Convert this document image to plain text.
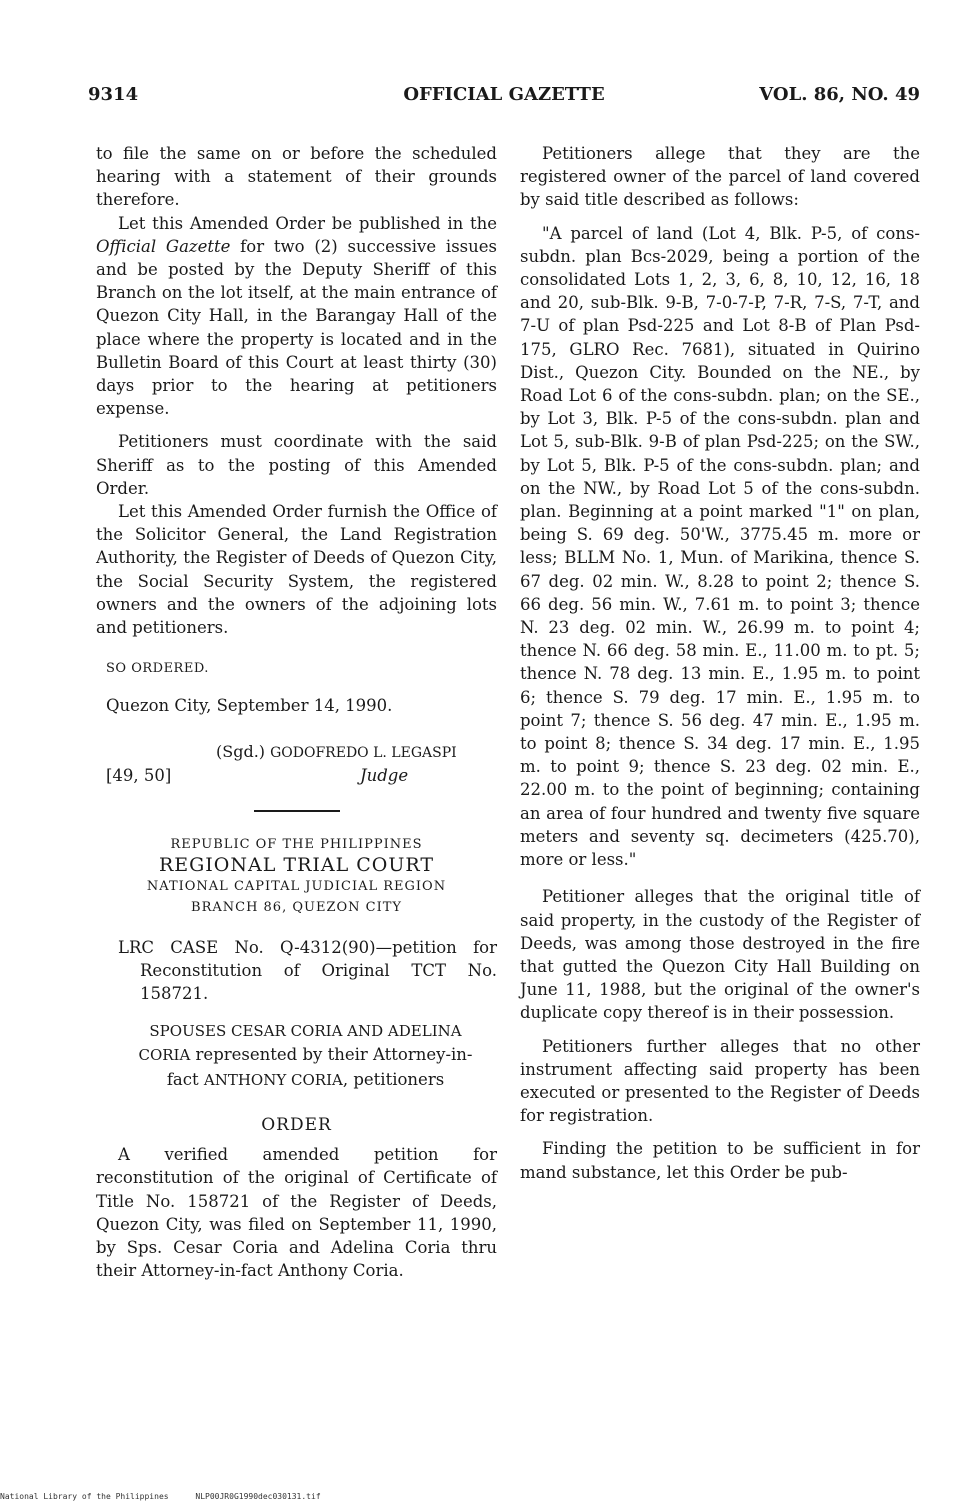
9314	OFFICIAL GAZETTE	VOL. 86, NO. 49

to file the same on or before the scheduled hearing with a statement of their grounds therefore.

Let this Amended Order be published in the Official Gazette for two (2) successive issues and be posted by the Deputy Sheriff of this Branch on the lot itself, at the main entrance of Quezon City Hall, in the Barangay Hall of the place where the property is located and in the Bulletin Board of this Court at least thirty (30) days prior to the hearing at petitioners expense.

Petitioners must coordinate with the said Sheriff as to the posting of this Amended Order.

Let this Amended Order furnish the Office of the Solicitor General, the Land Registration Authority, the Register of Deeds of Quezon City, the Social Security System, the registered owners and the owners of the adjoining lots and petitioners.

SO ORDERED.

Quezon City, September 14, 1990.

(Sgd.) GODOFREDO L. LEGASPI
[49, 50]	Judge
REPUBLIC OF THE PHILIPPINES
REGIONAL TRIAL COURT
NATIONAL CAPITAL JUDICIAL REGION
BRANCH 86, QUEZON CITY

LRC CASE No. Q-4312(90)—petition for Reconstitution of Original TCT No. 158721.

SPOUSES CESAR CORIA AND ADELINA CORIA represented by their Attorney-in-fact ANTHONY CORIA, petitioners

ORDER

A verified amended petition for reconstitution of the original of Certificate of Title No. 158721 of the Register of Deeds, Quezon City, was filed on September 11, 1990, by Sps. Cesar Coria and Adelina Coria thru their Attorney-in-fact Anthony Coria.

Petitioners allege that they are the registered owner of the parcel of land covered by said title described as follows:

"A parcel of land (Lot 4, Blk. P-5, of cons-subdn. plan Bcs-2029, being a portion of the consolidated Lots 1, 2, 3, 6, 8, 10, 12, 16, 18 and 20, sub-Blk. 9-B, 7-0-7-P, 7-R, 7-S, 7-T, and 7-U of plan Psd-225 and Lot 8-B of Plan Psd-175, GLRO Rec. 7681), situated in Quirino Dist., Quezon City. Bounded on the NE., by Road Lot 6 of the cons-subdn. plan; on the SE., by Lot 3, Blk. P-5 of the cons-subdn. plan and Lot 5, sub-Blk. 9-B of plan Psd-225; on the SW., by Lot 5, Blk. P-5 of the cons-subdn. plan; and on the NW., by Road Lot 5 of the cons-subdn. plan. Beginning at a point marked "1" on plan, being S. 69 deg. 50'W., 3775.45 m. more or less; BLLM No. 1, Mun. of Marikina, thence S. 67 deg. 02 min. W., 8.28 to point 2; thence S. 66 deg. 56 min. W., 7.61 m. to point 3; thence N. 23 deg. 02 min. W., 26.99 m. to point 4; thence N. 66 deg. 58 min. E., 11.00 m. to pt. 5; thence N. 78 deg. 13 min. E., 1.95 m. to point 6; thence S. 79 deg. 17 min. E., 1.95 m. to point 7; thence S. 56 deg. 47 min. E., 1.95 m. to point 8; thence S. 34 deg. 17 min. E., 1.95 m. to point 9; thence S. 23 deg. 02 min. E., 22.00 m. to the point of beginning; containing an area of four hundred and twenty five square meters and seventy sq. decimeters (425.70), more or less."

Petitioner alleges that the original title of said property, in the custody of the Register of Deeds, was among those destroyed in the fire that gutted the Quezon City Hall Building on June 11, 1988, but the original of the owner's duplicate copy thereof is in their possession.

Petitioners further alleges that no other instrument affecting said property has been executed or presented to the Register of Deeds for registration.

Finding the petition to be sufficient in for mand substance, let this Order be pub-

National Library of the Philippines	NLP00JR0G1990dec030131.tif
